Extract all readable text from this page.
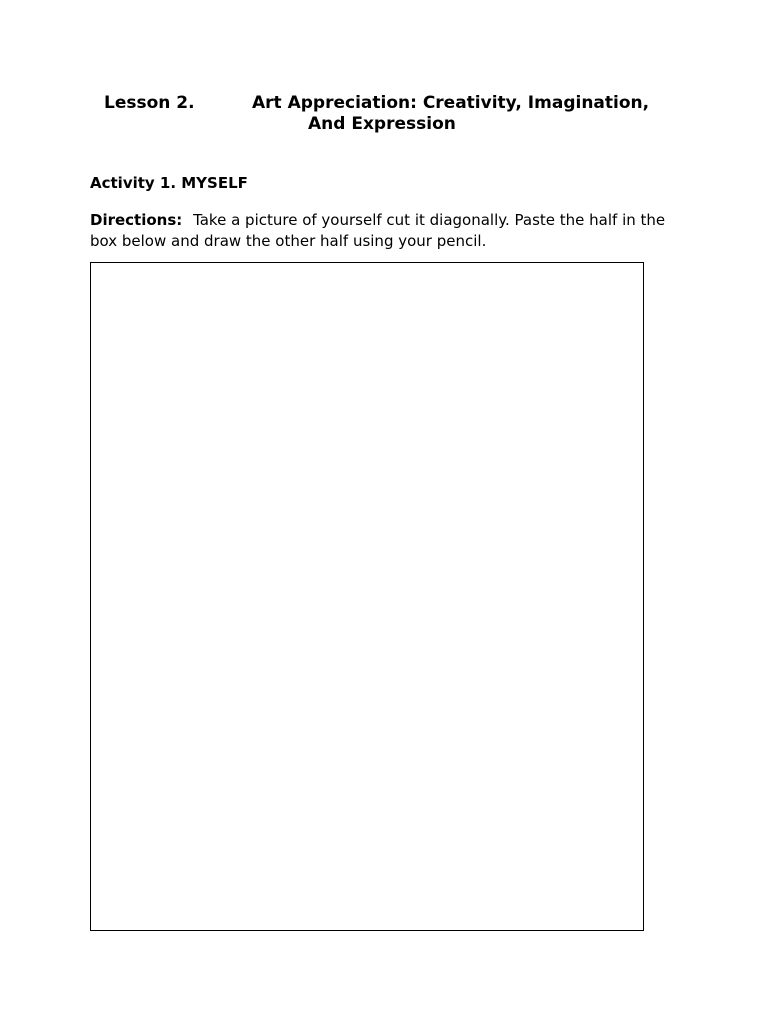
Lesson 2.	Art Appreciation: Creativity, Imagination,
And Expression
Activity 1. MYSELF
Directions: Take a picture of yourself cut it diagonally. Paste the half in the box below and draw the other half using your pencil.
